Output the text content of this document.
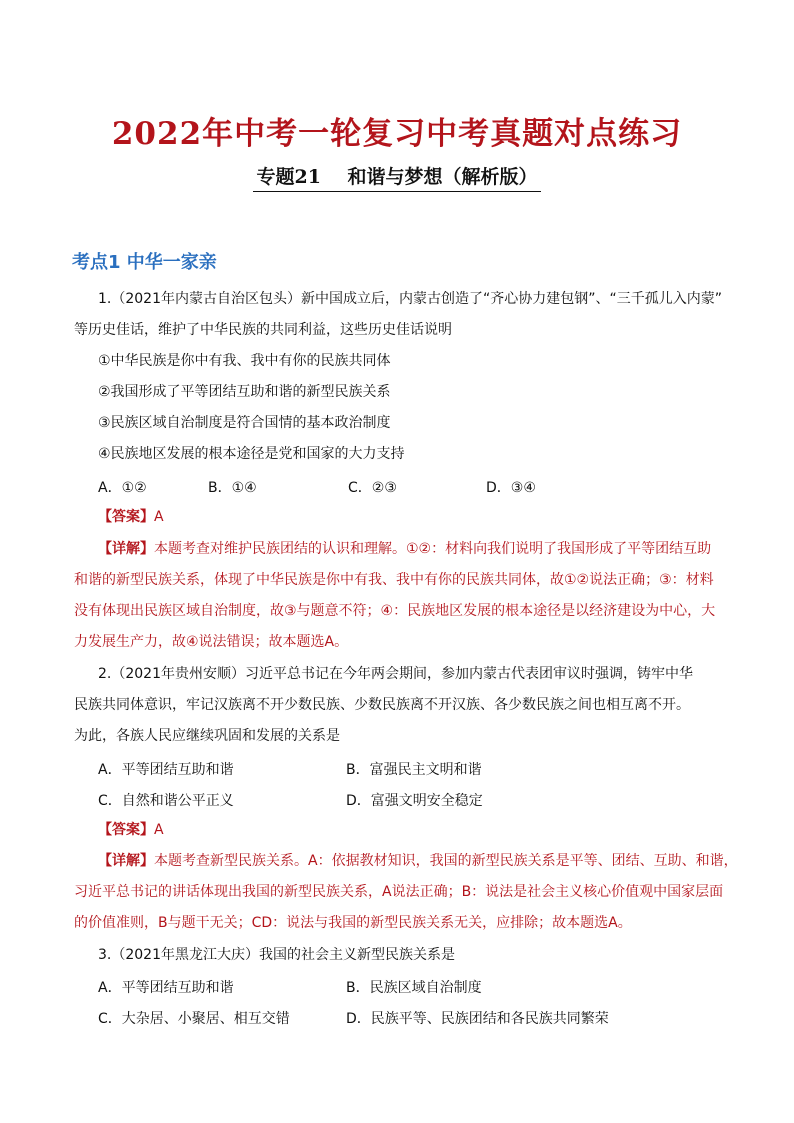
2022年中考一轮复习中考真题对点练习
专题21    和谐与梦想（解析版）
考点1 中华一家亲
1.（2021年内蒙古自治区包头）新中国成立后，内蒙古创造了“齐心协力建包钢”、“三千孤儿入内蒙”
等历史佳话，维护了中华民族的共同利益，这些历史佳话说明
①中华民族是你中有我、我中有你的民族共同体
②我国形成了平等团结互助和谐的新型民族关系
③民族区域自治制度是符合国情的基本政治制度
④民族地区发展的根本途径是党和国家的大力支持
A．①②	B．①④	C．②③	D．③④
【答案】A
【详解】本题考查对维护民族团结的认识和理解。①②：材料向我们说明了我国形成了平等团结互助
和谐的新型民族关系，体现了中华民族是你中有我、我中有你的民族共同体，故①②说法正确；③：材料
没有体现出民族区域自治制度，故③与题意不符；④：民族地区发展的根本途径是以经济建设为中心，大
力发展生产力，故④说法错误；故本题选A。
2.（2021年贵州安顺）习近平总书记在今年两会期间，参加内蒙古代表团审议时强调，铸牢中华
民族共同体意识，牢记汉族离不开少数民族、少数民族离不开汉族、各少数民族之间也相互离不开。
为此，各族人民应继续巩固和发展的关系是
A．平等团结互助和谐	B．富强民主文明和谐
C．自然和谐公平正义	D．富强文明安全稳定
【答案】A
【详解】本题考查新型民族关系。A：依据教材知识，我国的新型民族关系是平等、团结、互助、和谐，
习近平总书记的讲话体现出我国的新型民族关系，A说法正确；B：说法是社会主义核心价值观中国家层面
的价值准则，B与题干无关；CD：说法与我国的新型民族关系无关，应排除；故本题选A。
3.（2021年黑龙江大庆）我国的社会主义新型民族关系是
A．平等团结互助和谐	B．民族区域自治制度
C．大杂居、小聚居、相互交错	D．民族平等、民族团结和各民族共同繁荣
